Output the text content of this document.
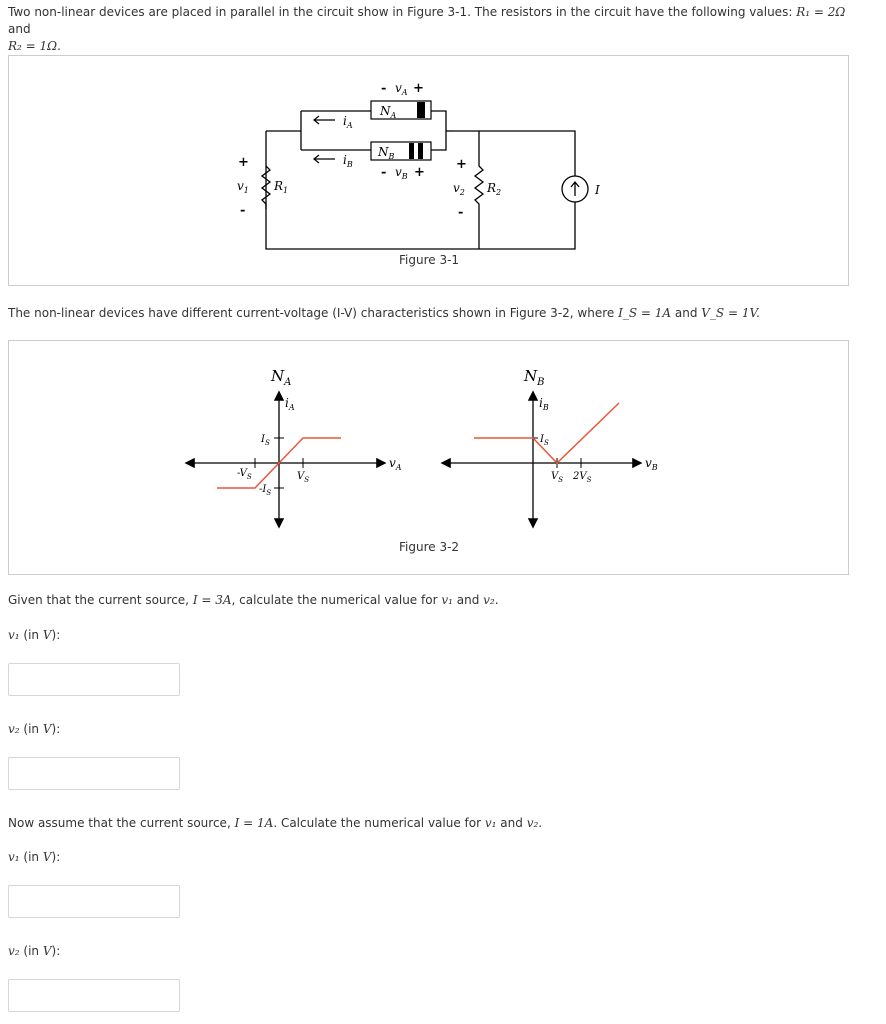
Two non-linear devices are placed in parallel in the circuit show in Figure 3-1. The resistors in the circuit have the following values: R₁ = 2Ω and
R₂ = 1Ω.

- $v_A$ +
$N_A$
$i_A$
$N_B$
$i_B$
- $v_B$ +
+
$v_1$
-
$R_1$
+
$v_2$
-
$R_2$	I
Figure 3-1

The non-linear devices have different current-voltage (I-V) characteristics shown in Figure 3-2, where I_S = 1A and V_S = 1V.

$N_A$
$i_A$
$v_A$
$I_S$
$-I_S$
$V_S$
$-V_S$
$N_B$
$i_B$
$v_B$
$I_S$
$V_S$ $2V_S$
Figure 3-2

Given that the current source, I = 3A, calculate the numerical value for v₁ and v₂.

v₁ (in V):

v₂ (in V):

Now assume that the current source, I = 1A. Calculate the numerical value for v₁ and v₂.

v₁ (in V):

v₂ (in V):
